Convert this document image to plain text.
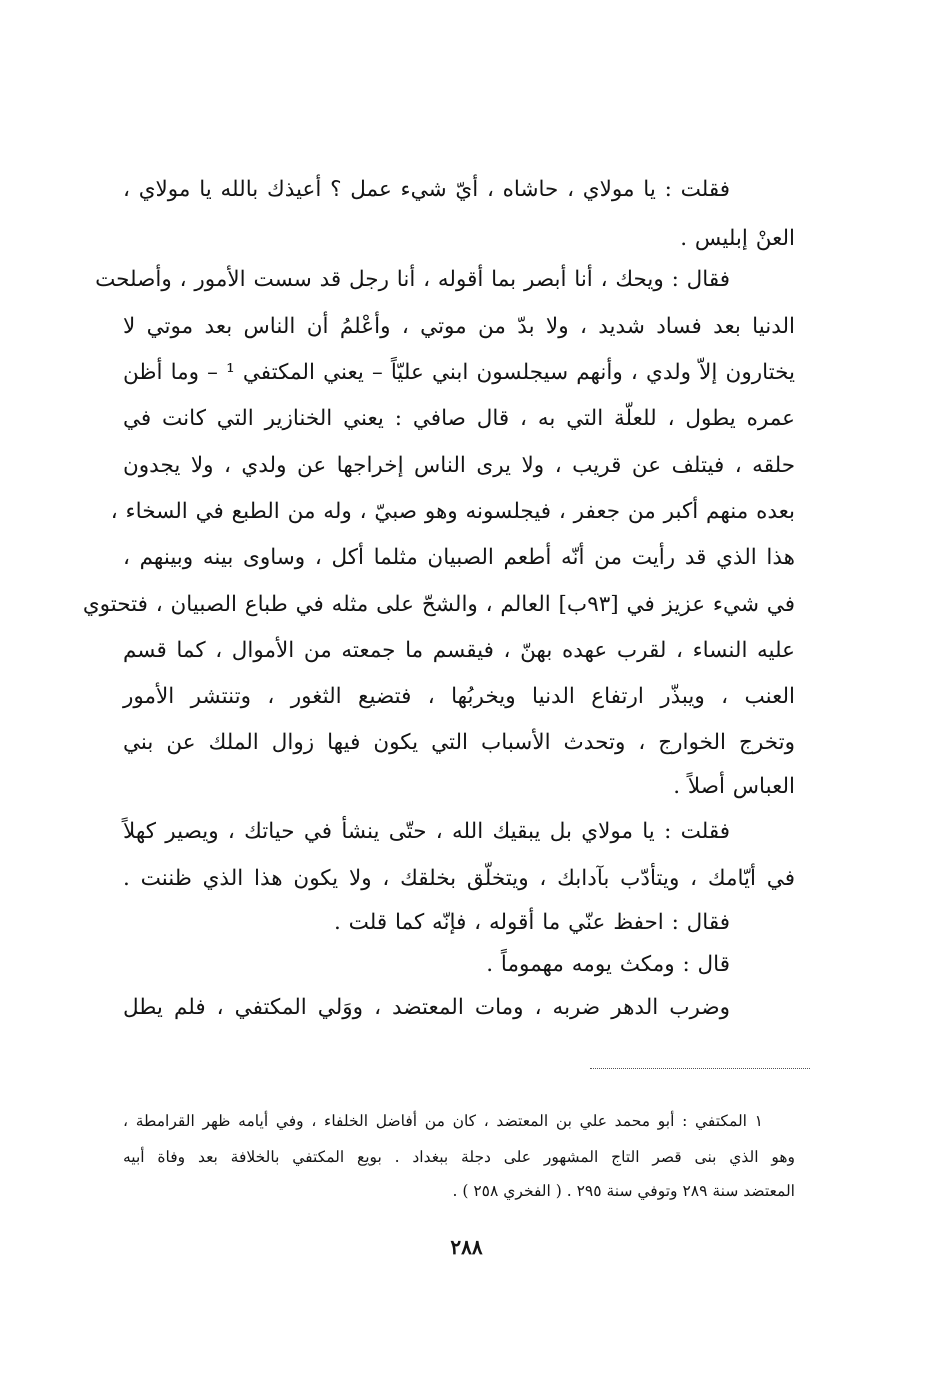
فقلت : يا مولاي ، حاشاه ، أيّ شيء عمل ؟ أعيذك بالله يا مولاي ،
العنْ إبليس .
فقال : ويحك ، أنا أبصر بما أقوله ، أنا رجل قد سست الأمور ، وأصلحت
الدنيا بعد فساد شديد ، ولا بدّ من موتي ، وأعْلمُ أن الناس بعد موتي لا
يختارون إلاّ ولدي ، وأنهم سيجلسون ابني عليّاً – يعني المكتفي ¹ – وما أظن
عمره يطول ، للعلّة التي به ، قال صافي : يعني الخنازير التي كانت في
حلقه ، فيتلف عن قريب ، ولا يرى الناس إخراجها عن ولدي ، ولا يجدون
بعده منهم أكبر من جعفر ، فيجلسونه وهو صبيّ ، وله من الطبع في السخاء ،
هذا الذي قد رأيت من أنّه أطعم الصبيان مثلما أكل ، وساوى بينه وبينهم ،
في شيء عزيز في [٩٣ب] العالم ، والشحّ على مثله في طباع الصبيان ، فتحتوي
عليه النساء ، لقرب عهده بهنّ ، فيقسم ما جمعته من الأموال ، كما قسم
العنب ، ويبذّر ارتفاع الدنيا ويخربُها ، فتضيع الثغور ، وتنتشر الأمور
وتخرج الخوارج ، وتحدث الأسباب التي يكون فيها زوال الملك عن بني
العباس أصلاً .
فقلت : يا مولاي بل يبقيك الله ، حتّى ينشأ في حياتك ، ويصير كهلاً
في أيّامك ، ويتأدّب بآدابك ، ويتخلّق بخلقك ، ولا يكون هذا الذي ظننت .
فقال : احفظ عنّي ما أقوله ، فإنّه كما قلت .
قال : ومكث يومه مهموماً .
وضرب الدهر ضربه ، ومات المعتضد ، ووَلي المكتفي ، فلم يطل
١ المكتفي : أبو محمد علي بن المعتضد ، كان من أفاضل الخلفاء ، وفي أيامه ظهر القرامطة ،
وهو الذي بنى قصر التاج المشهور على دجلة ببغداد . بويع المكتفي بالخلافة بعد وفاة أبيه
المعتضد سنة ٢٨٩ وتوفي سنة ٢٩٥ . ( الفخري ٢٥٨ ) .
٢٨٨
